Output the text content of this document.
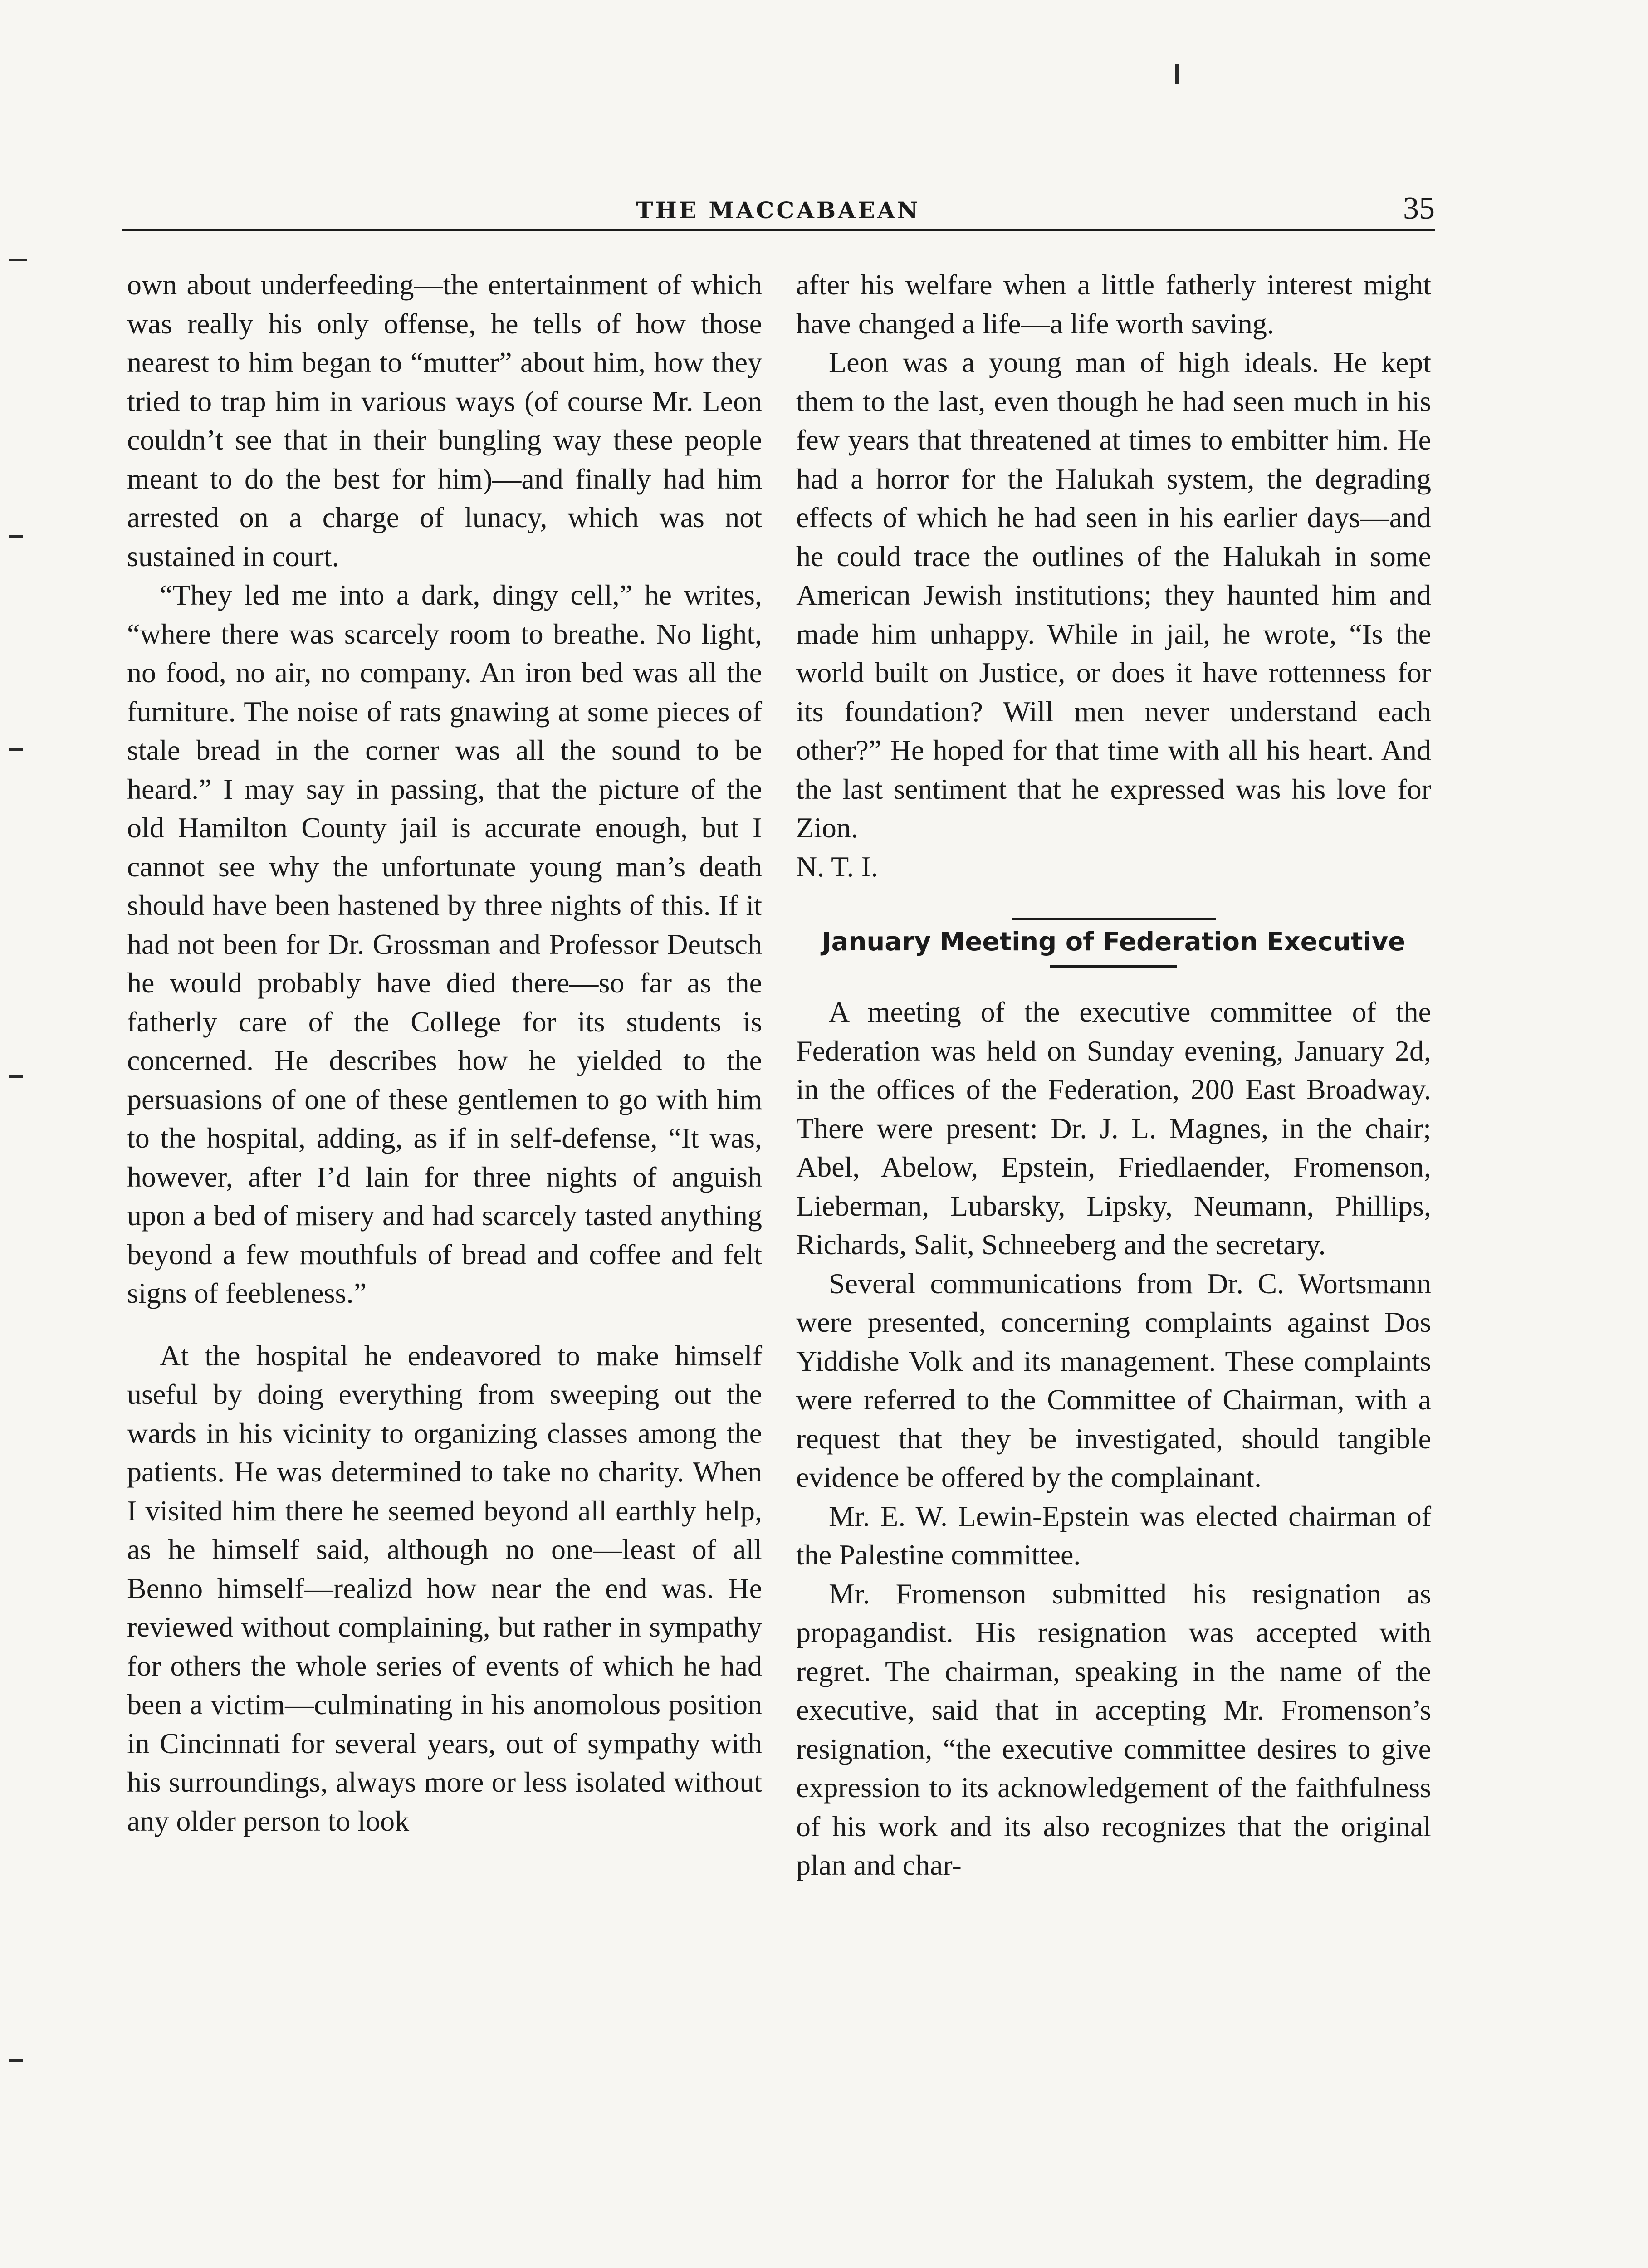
THE MACCABAEAN	35

own about underfeeding—the entertainment of which was really his only offense, he tells of how those nearest to him began to “mutter” about him, how they tried to trap him in various ways (of course Mr. Leon couldn’t see that in their bungling way these people meant to do the best for him)—and finally had him arrested on a charge of lunacy, which was not sustained in court.

“They led me into a dark, dingy cell,” he writes, “where there was scarcely room to breathe. No light, no food, no air, no company. An iron bed was all the furniture. The noise of rats gnawing at some pieces of stale bread in the corner was all the sound to be heard.” I may say in passing, that the picture of the old Hamilton County jail is accurate enough, but I cannot see why the unfortunate young man’s death should have been hastened by three nights of this. If it had not been for Dr. Grossman and Professor Deutsch he would probably have died there—so far as the fatherly care of the College for its students is concerned. He describes how he yielded to the persuasions of one of these gentlemen to go with him to the hospital, adding, as if in self-defense, “It was, however, after I’d lain for three nights of anguish upon a bed of misery and had scarcely tasted anything beyond a few mouthfuls of bread and coffee and felt signs of feebleness.”

At the hospital he endeavored to make himself useful by doing everything from sweeping out the wards in his vicinity to organizing classes among the patients. He was determined to take no charity. When I visited him there he seemed beyond all earthly help, as he himself said, although no one—least of all Benno himself—realizd how near the end was. He reviewed without complaining, but rather in sympathy for others the whole series of events of which he had been a victim—culminating in his anomolous position in Cincinnati for several years, out of sympathy with his surroundings, always more or less isolated without any older person to look

after his welfare when a little fatherly interest might have changed a life—a life worth saving.

Leon was a young man of high ideals. He kept them to the last, even though he had seen much in his few years that threatened at times to embitter him. He had a horror for the Halukah system, the degrading effects of which he had seen in his earlier days—and he could trace the outlines of the Halukah in some American Jewish institutions; they haunted him and made him unhappy. While in jail, he wrote, “Is the world built on Justice, or does it have rottenness for its foundation? Will men never understand each other?” He hoped for that time with all his heart. And the last sentiment that he expressed was his love for Zion.

N. T. I.

January Meeting of Federation Executive

A meeting of the executive committee of the Federation was held on Sunday evening, January 2d, in the offices of the Federation, 200 East Broadway. There were present: Dr. J. L. Magnes, in the chair; Abel, Abelow, Epstein, Friedlaender, Fromenson, Lieberman, Lubarsky, Lipsky, Neumann, Phillips, Richards, Salit, Schneeberg and the secretary.

Several communications from Dr. C. Wortsmann were presented, concerning complaints against Dos Yiddishe Volk and its management. These complaints were referred to the Committee of Chairman, with a request that they be investigated, should tangible evidence be offered by the complainant.

Mr. E. W. Lewin-Epstein was elected chairman of the Palestine committee.

Mr. Fromenson submitted his resignation as propagandist. His resignation was accepted with regret. The chairman, speaking in the name of the executive, said that in accepting Mr. Fromenson’s resignation, “the executive committee desires to give expression to its acknowledgement of the faithfulness of his work and its also recognizes that the original plan and char-
